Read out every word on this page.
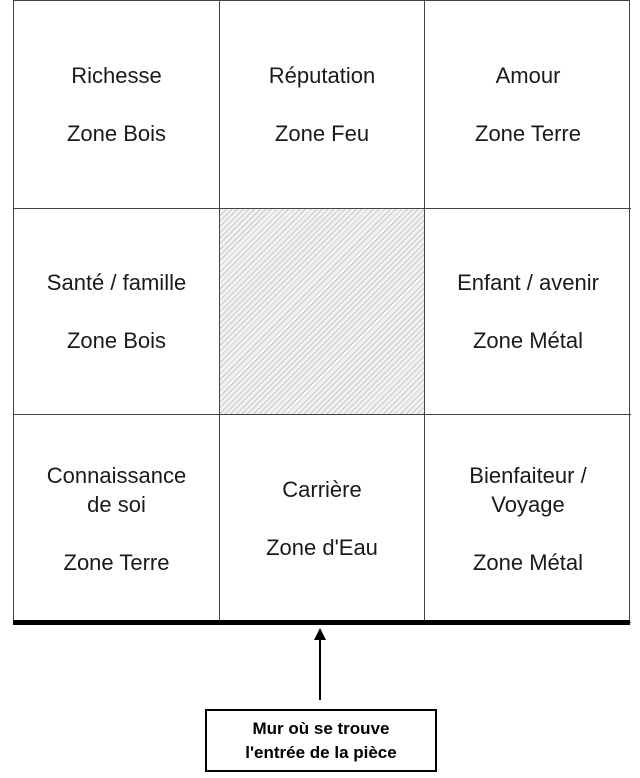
Richesse
Zone Bois
Réputation
Zone Feu
Amour
Zone Terre
Santé / famille
Zone Bois
Enfant / avenir
Zone Métal
Connaissance
de soi
Zone Terre
Carrière
Zone d'Eau
Bienfaiteur /
Voyage
Zone Métal
Mur où se trouve
l'entrée de la pièce
